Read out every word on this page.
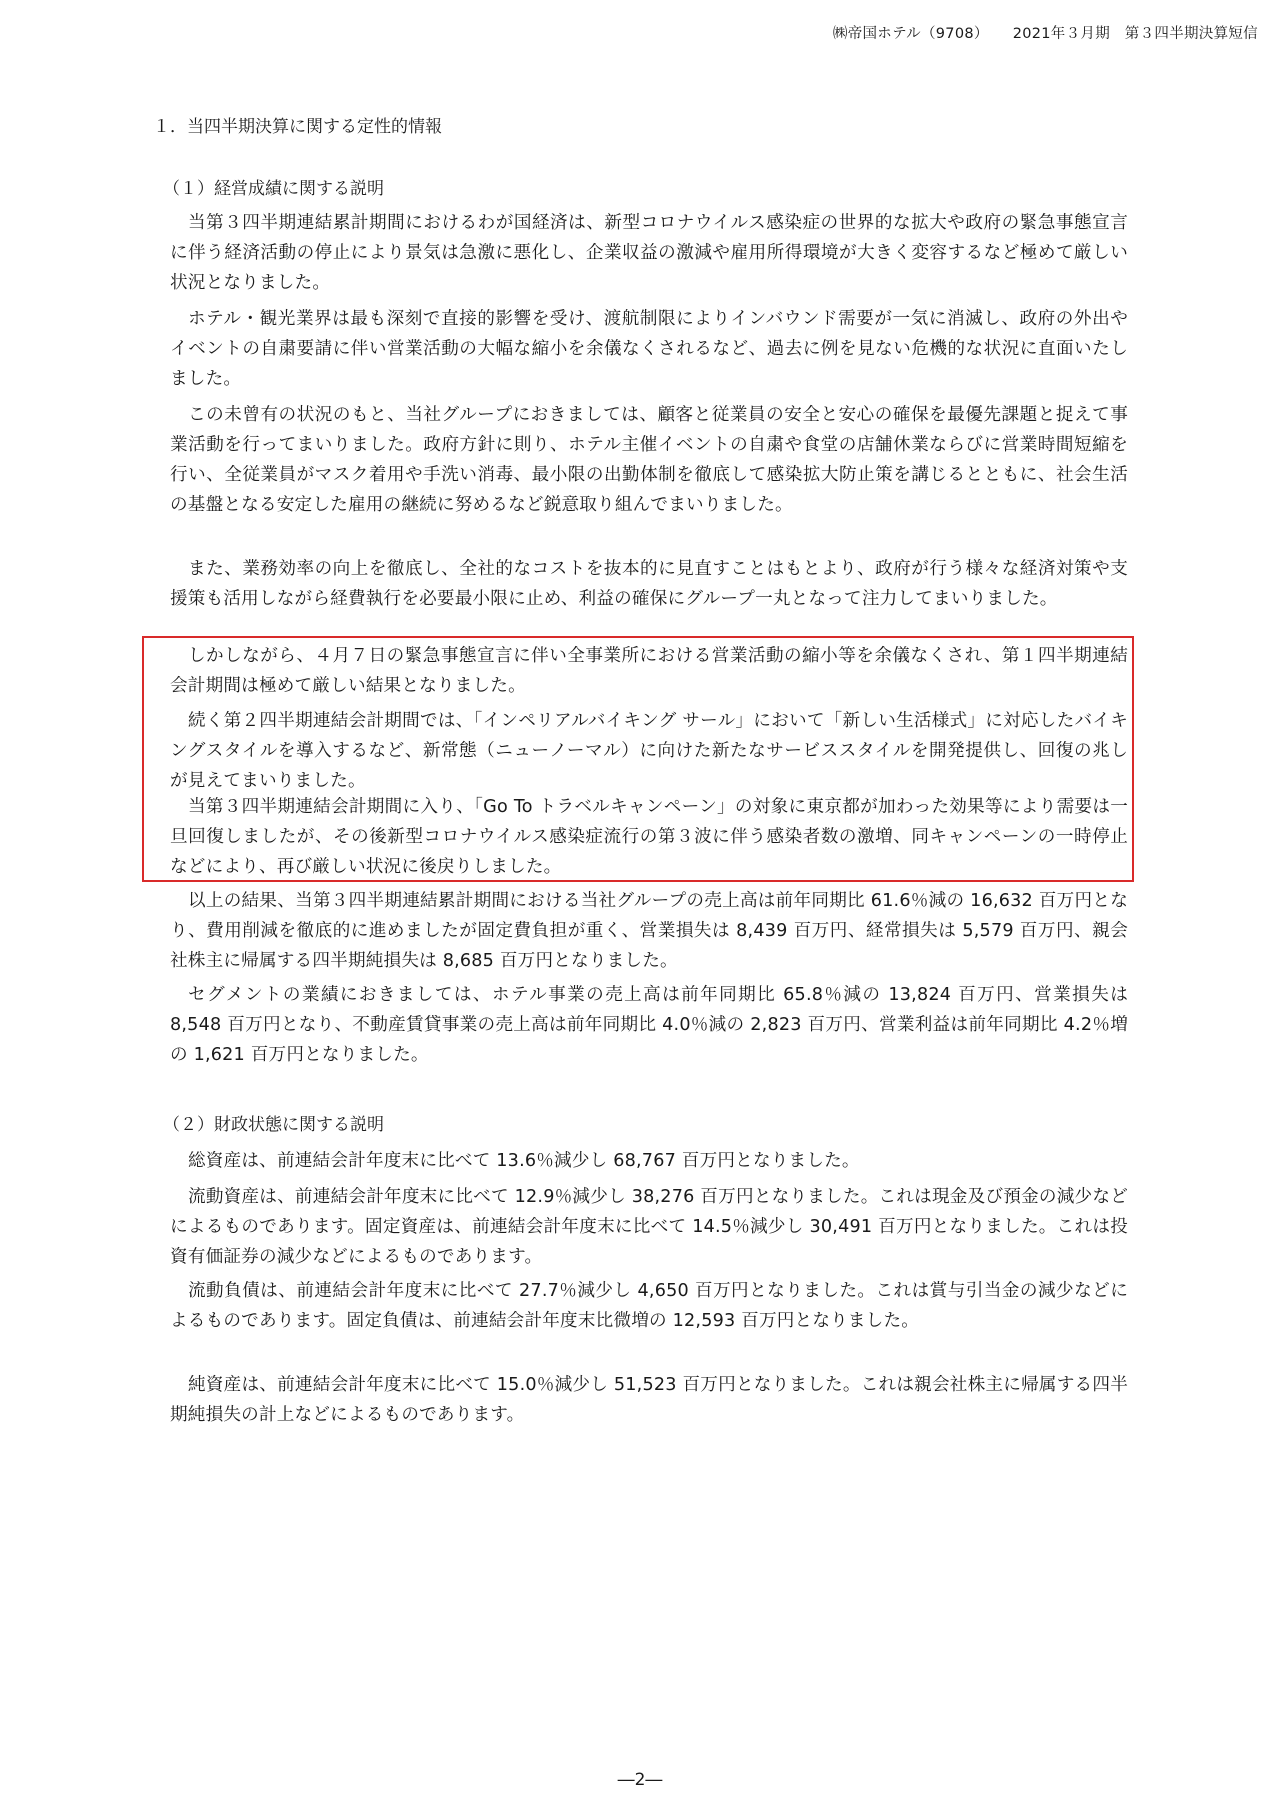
㈱帝国ホテル（9708） 2021年３月期　第３四半期決算短信
１．当四半期決算に関する定性的情報
（１）経営成績に関する説明

当第３四半期連結累計期間におけるわが国経済は、新型コロナウイルス感染症の世界的な拡大や政府の緊急事態宣言に伴う経済活動の停止により景気は急激に悪化し、企業収益の激減や雇用所得環境が大きく変容するなど極めて厳しい状況となりました。

ホテル・観光業界は最も深刻で直接的影響を受け、渡航制限によりインバウンド需要が一気に消滅し、政府の外出やイベントの自粛要請に伴い営業活動の大幅な縮小を余儀なくされるなど、過去に例を見ない危機的な状況に直面いたしました。

この未曾有の状況のもと、当社グループにおきましては、顧客と従業員の安全と安心の確保を最優先課題と捉えて事業活動を行ってまいりました。政府方針に則り、ホテル主催イベントの自粛や食堂の店舗休業ならびに営業時間短縮を行い、全従業員がマスク着用や手洗い消毒、最小限の出勤体制を徹底して感染拡大防止策を講じるとともに、社会生活の基盤となる安定した雇用の継続に努めるなど鋭意取り組んでまいりました。

また、業務効率の向上を徹底し、全社的なコストを抜本的に見直すことはもとより、政府が行う様々な経済対策や支援策も活用しながら経費執行を必要最小限に止め、利益の確保にグループ一丸となって注力してまいりました。

しかしながら、４月７日の緊急事態宣言に伴い全事業所における営業活動の縮小等を余儀なくされ、第１四半期連結会計期間は極めて厳しい結果となりました。

続く第２四半期連結会計期間では、「インペリアルバイキング サール」において「新しい生活様式」に対応したバイキングスタイルを導入するなど、新常態（ニューノーマル）に向けた新たなサービススタイルを開発提供し、回復の兆しが見えてまいりました。

当第３四半期連結会計期間に入り、「Go To トラベルキャンペーン」の対象に東京都が加わった効果等により需要は一旦回復しましたが、その後新型コロナウイルス感染症流行の第３波に伴う感染者数の激増、同キャンペーンの一時停止などにより、再び厳しい状況に後戻りしました。

以上の結果、当第３四半期連結累計期間における当社グループの売上高は前年同期比 61.6％減の 16,632 百万円となり、費用削減を徹底的に進めましたが固定費負担が重く、営業損失は 8,439 百万円、経常損失は 5,579 百万円、親会社株主に帰属する四半期純損失は 8,685 百万円となりました。

セグメントの業績におきましては、ホテル事業の売上高は前年同期比 65.8％減の 13,824 百万円、営業損失は 8,548 百万円となり、不動産賃貸事業の売上高は前年同期比 4.0％減の 2,823 百万円、営業利益は前年同期比 4.2％増の 1,621 百万円となりました。

（２）財政状態に関する説明

総資産は、前連結会計年度末に比べて 13.6％減少し 68,767 百万円となりました。

流動資産は、前連結会計年度末に比べて 12.9％減少し 38,276 百万円となりました。これは現金及び預金の減少などによるものであります。固定資産は、前連結会計年度末に比べて 14.5％減少し 30,491 百万円となりました。これは投資有価証券の減少などによるものであります。

流動負債は、前連結会計年度末に比べて 27.7％減少し 4,650 百万円となりました。これは賞与引当金の減少などによるものであります。固定負債は、前連結会計年度末比微増の 12,593 百万円となりました。

純資産は、前連結会計年度末に比べて 15.0％減少し 51,523 百万円となりました。これは親会社株主に帰属する四半期純損失の計上などによるものであります。

―2―
